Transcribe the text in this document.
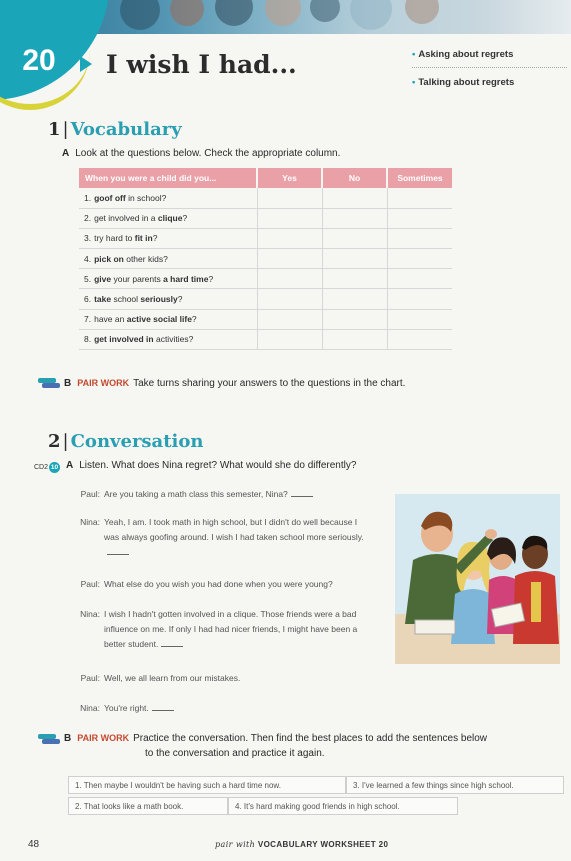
20	I wish I had...	• Asking about regrets
• Talking about regrets
1 | Vocabulary
A Look at the questions below. Check the appropriate column.
When you were a child did you...	Yes	No	Sometimes
1. goof off in school?			
2. get involved in a clique?			
3. try hard to fit in?			
4. pick on other kids?			
5. give your parents a hard time?			
6. take school seriously?			
7. have an active social life?			
8. get involved in activities?			
B PAIR WORK Take turns sharing your answers to the questions in the chart.
2 | Conversation
CD2 10 A Listen. What does Nina regret? What would she do differently?
Paul: Are you taking a math class this semester, Nina?
Nina: Yeah, I am. I took math in high school, but I didn't do well because I was always goofing around. I wish I had taken school more seriously.
Paul: What else do you wish you had done when you were young?
Nina: I wish I hadn't gotten involved in a clique. Those friends were a bad influence on me. If only I had had nicer friends, I might have been a better student.
Paul: Well, we all learn from our mistakes.
Nina: You're right.
B PAIR WORK Practice the conversation. Then find the best places to add the sentences below
to the conversation and practice it again.
1. Then maybe I wouldn't be having such a hard time now.	3. I've learned a few things since high school.
2. That looks like a math book.	4. It's hard making good friends in high school.
48	pair with VOCABULARY WORKSHEET 20
